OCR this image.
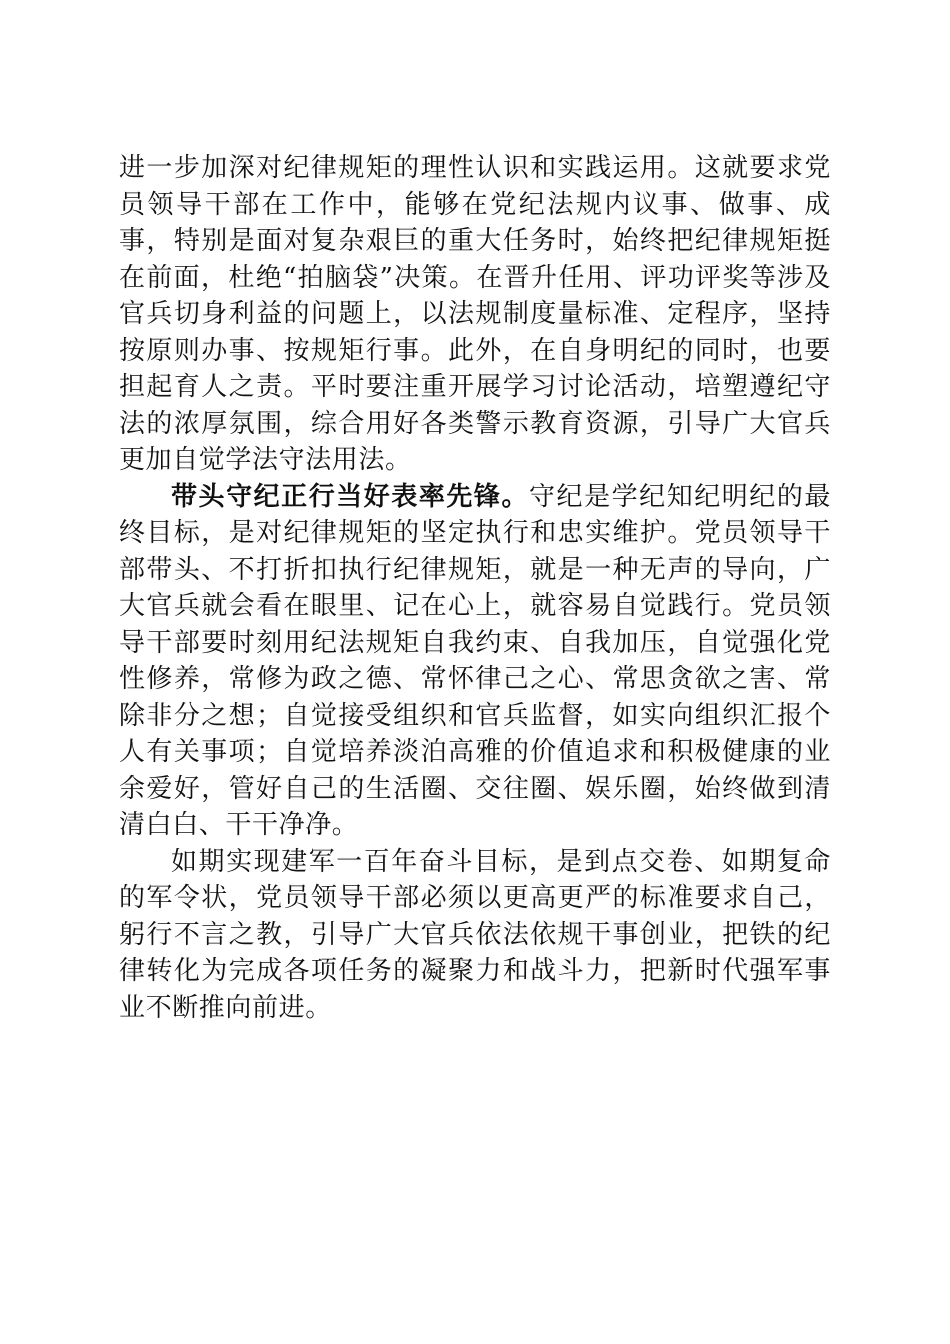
进一步加深对纪律规矩的理性认识和实践运用。这就要求党员领导干部在工作中，能够在党纪法规内议事、做事、成事，特别是面对复杂艰巨的重大任务时，始终把纪律规矩挺在前面，杜绝“拍脑袋”决策。在晋升任用、评功评奖等涉及官兵切身利益的问题上，以法规制度量标准、定程序，坚持按原则办事、按规矩行事。此外，在自身明纪的同时，也要担起育人之责。平时要注重开展学习讨论活动，培塑遵纪守法的浓厚氛围，综合用好各类警示教育资源，引导广大官兵更加自觉学法守法用法。

带头守纪正行当好表率先锋。守纪是学纪知纪明纪的最终目标，是对纪律规矩的坚定执行和忠实维护。党员领导干部带头、不打折扣执行纪律规矩，就是一种无声的导向，广大官兵就会看在眼里、记在心上，就容易自觉践行。党员领导干部要时刻用纪法规矩自我约束、自我加压，自觉强化党性修养，常修为政之德、常怀律己之心、常思贪欲之害、常除非分之想；自觉接受组织和官兵监督，如实向组织汇报个人有关事项；自觉培养淡泊高雅的价值追求和积极健康的业余爱好，管好自己的生活圈、交往圈、娱乐圈，始终做到清清白白、干干净净。

如期实现建军一百年奋斗目标，是到点交卷、如期复命的军令状，党员领导干部必须以更高更严的标准要求自己，躬行不言之教，引导广大官兵依法依规干事创业，把铁的纪律转化为完成各项任务的凝聚力和战斗力，把新时代强军事业不断推向前进。
